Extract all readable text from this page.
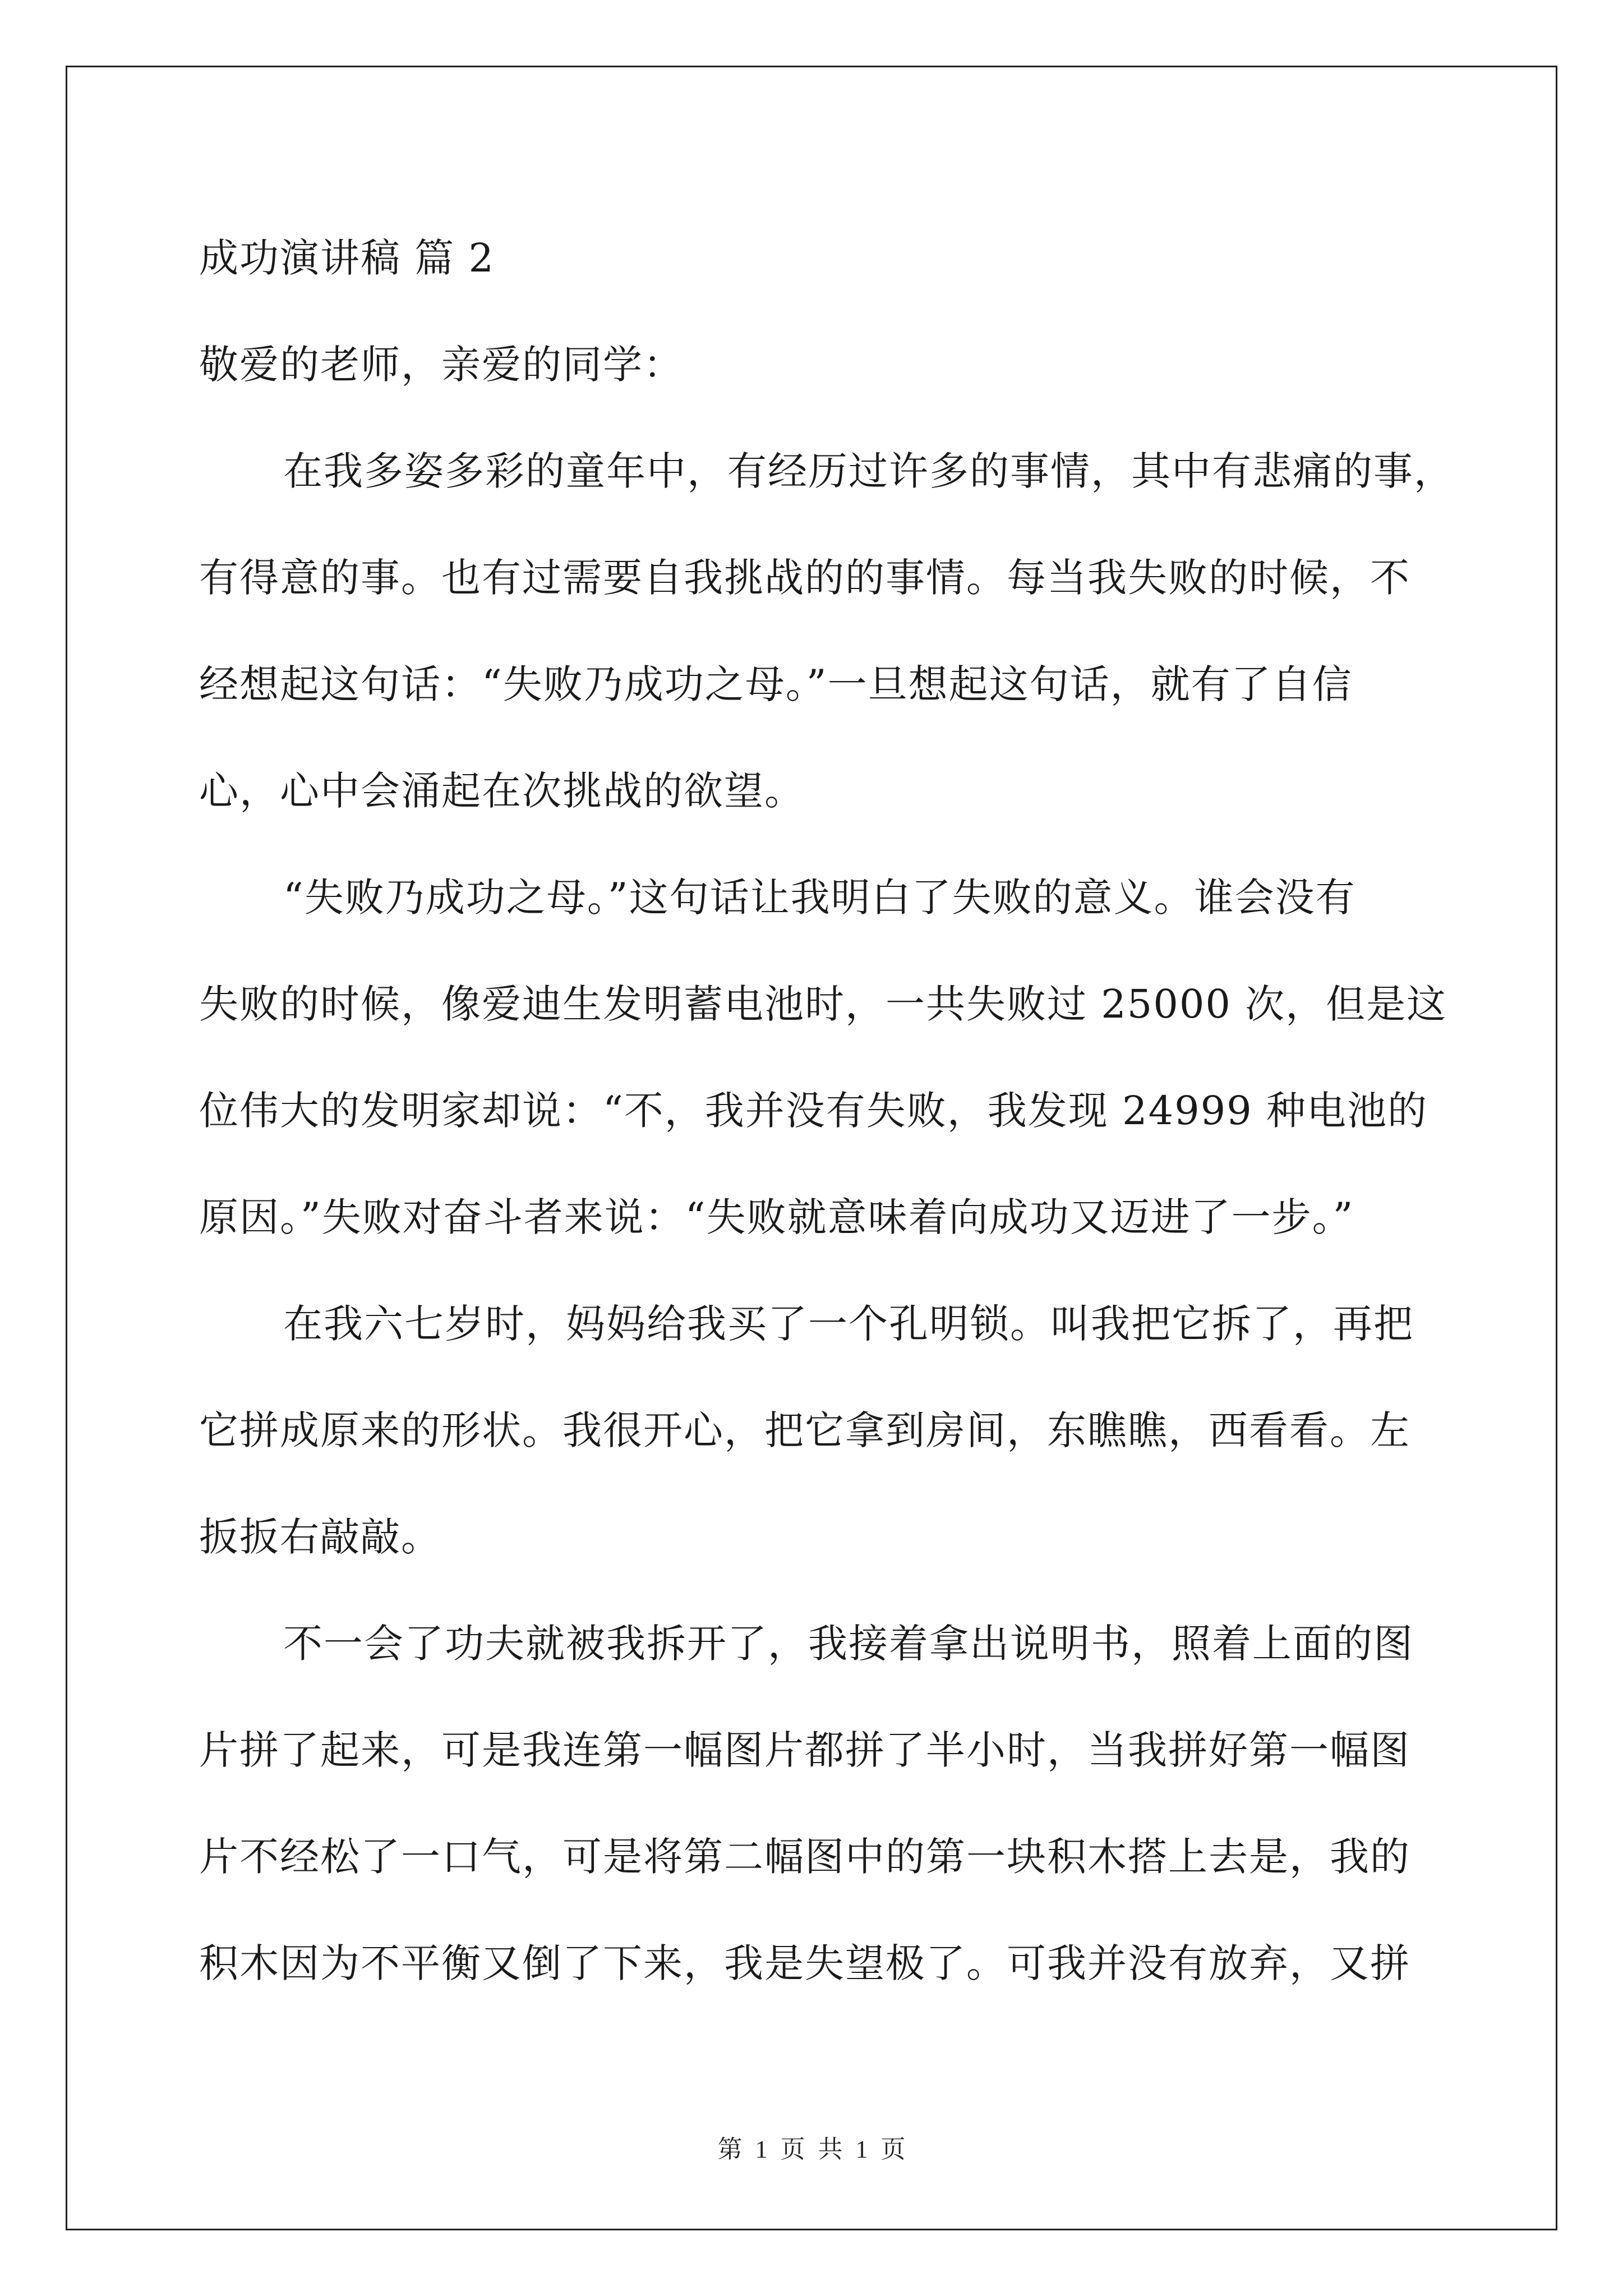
成功演讲稿 篇 2
敬爱的老师，亲爱的同学：
在我多姿多彩的童年中，有经历过许多的事情，其中有悲痛的事，
有得意的事。也有过需要自我挑战的的事情。每当我失败的时候，不
经想起这句话：“失败乃成功之母。”一旦想起这句话，就有了自信
心，心中会涌起在次挑战的欲望。
“失败乃成功之母。”这句话让我明白了失败的意义。谁会没有
失败的时候，像爱迪生发明蓄电池时，一共失败过 25000 次，但是这
位伟大的发明家却说：“不，我并没有失败，我发现 24999 种电池的
原因。”失败对奋斗者来说：“失败就意味着向成功又迈进了一步。”
在我六七岁时，妈妈给我买了一个孔明锁。叫我把它拆了，再把
它拼成原来的形状。我很开心，把它拿到房间，东瞧瞧，西看看。左
扳扳右敲敲。
不一会了功夫就被我拆开了，我接着拿出说明书，照着上面的图
片拼了起来，可是我连第一幅图片都拼了半小时，当我拼好第一幅图
片不经松了一口气，可是将第二幅图中的第一块积木搭上去是，我的
积木因为不平衡又倒了下来，我是失望极了。可我并没有放弃，又拼
第 1 页 共 1 页
